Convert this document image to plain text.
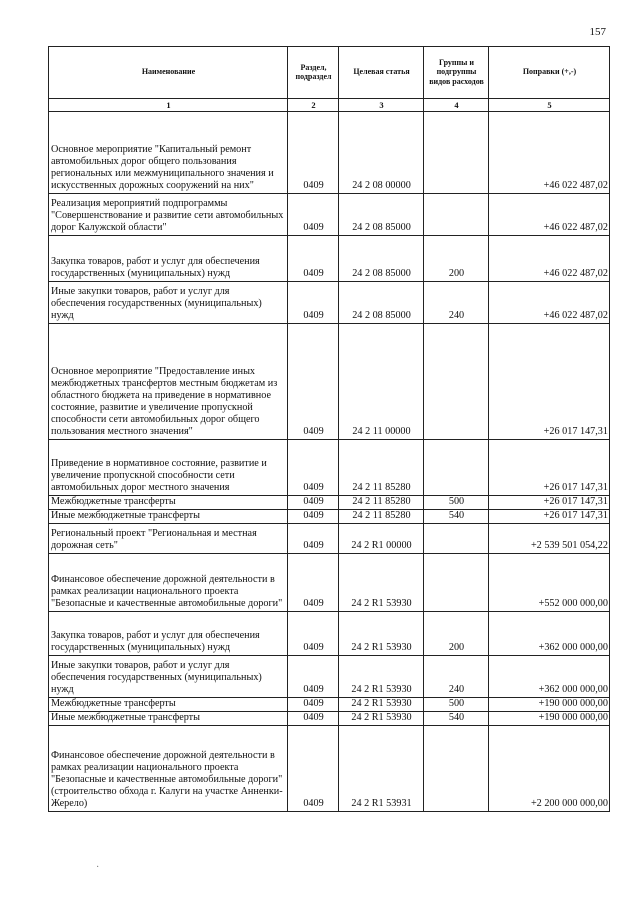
157
Наименование	Раздел, подраздел	Целевая статья	Группы и подгруппы видов расходов	Поправки (+,-)
1	2	3	4	5
Основное мероприятие "Капитальный ремонт автомобильных дорог общего пользования региональных или межмуниципального значения и искусственных дорожных сооружений на них"	0409	24 2 08 00000		+46 022 487,02
Реализация мероприятий подпрограммы "Совершенствование и развитие сети автомобильных дорог Калужской области"	0409	24 2 08 85000		+46 022 487,02
Закупка товаров, работ и услуг для обеспечения государственных (муниципальных) нужд	0409	24 2 08 85000	200	+46 022 487,02
Иные закупки товаров, работ и услуг для обеспечения государственных (муниципальных) нужд	0409	24 2 08 85000	240	+46 022 487,02
Основное мероприятие "Предоставление иных межбюджетных трансфертов местным бюджетам из областного бюджета на приведение в нормативное состояние, развитие и увеличение пропускной способности сети автомобильных дорог общего пользования местного значения"	0409	24 2 11 00000		+26 017 147,31
Приведение в нормативное состояние, развитие и увеличение пропускной способности сети автомобильных дорог местного значения	0409	24 2 11 85280		+26 017 147,31
Межбюджетные трансферты	0409	24 2 11 85280	500	+26 017 147,31
Иные межбюджетные трансферты	0409	24 2 11 85280	540	+26 017 147,31
Региональный проект "Региональная и местная дорожная сеть"	0409	24 2 R1 00000		+2 539 501 054,22
Финансовое обеспечение дорожной деятельности в рамках реализации национального проекта "Безопасные и качественные автомобильные дороги"	0409	24 2 R1 53930		+552 000 000,00
Закупка товаров, работ и услуг для обеспечения государственных (муниципальных) нужд	0409	24 2 R1 53930	200	+362 000 000,00
Иные закупки товаров, работ и услуг для обеспечения государственных (муниципальных) нужд	0409	24 2 R1 53930	240	+362 000 000,00
Межбюджетные трансферты	0409	24 2 R1 53930	500	+190 000 000,00
Иные межбюджетные трансферты	0409	24 2 R1 53930	540	+190 000 000,00
Финансовое обеспечение дорожной деятельности в рамках реализации национального проекта "Безопасные и качественные автомобильные дороги" (строительство обхода г. Калуги на участке Анненки-Жерело)	0409	24 2 R1 53931		+2 200 000 000,00
·
